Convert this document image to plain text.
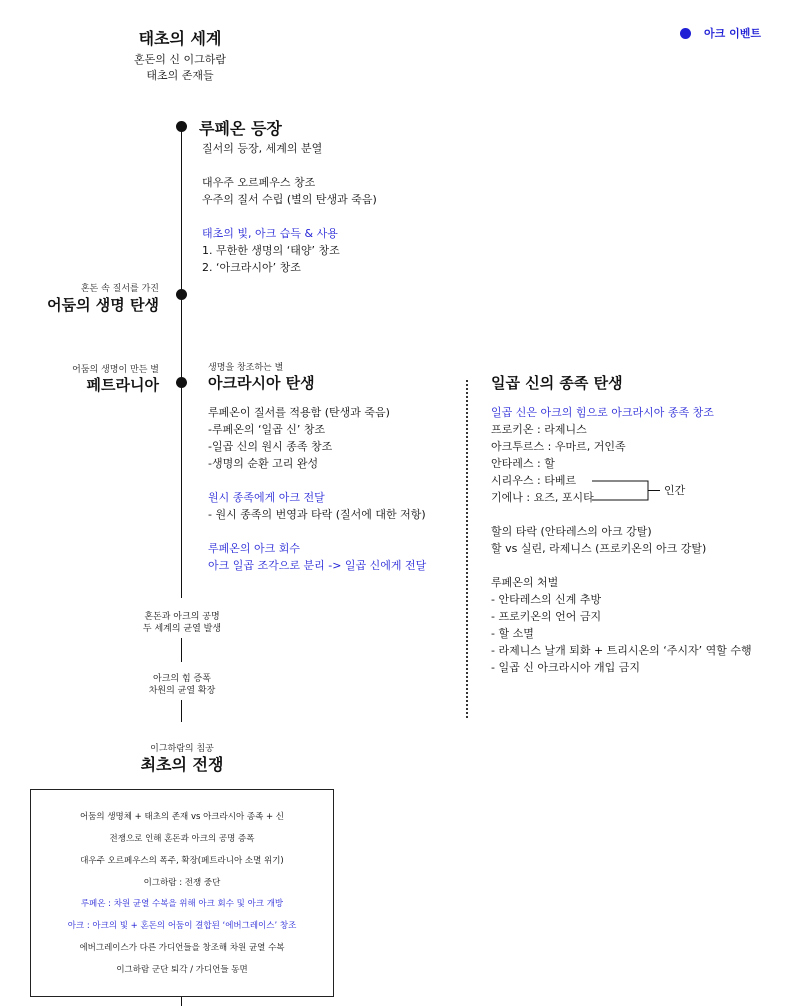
아크 이벤트
태초의 세계
혼돈의 신 이그하람
태초의 존재들
루페온 등장
질서의 등장, 세계의 분열
대우주 오르페우스 창조
우주의 질서 수립 (별의 탄생과 죽음)
태초의 빛, 아크 습득 & 사용
1. 무한한 생명의 ‘태양’ 창조
2. ‘아크라시아’ 창조
혼돈 속 질서를 가진
어둠의 생명 탄생
어둠의 생명이 만든 별
페트라니아
생명을 창조하는 별
아크라시아 탄생
루페온이 질서를 적용함 (탄생과 죽음)
-루페온의 ‘일곱 신’ 창조
-일곱 신의 원시 종족 창조
-생명의 순환 고리 완성
원시 종족에게 아크 전달
- 원시 종족의 번영과 타락 (질서에 대한 저항)
루페온의 아크 회수
아크 일곱 조각으로 분리 -> 일곱 신에게 전달
일곱 신의 종족 탄생
일곱 신은 아크의 힘으로 아크라시아 종족 창조
프로키온 : 라제니스
아크투르스 : 우마르, 거인족
안타레스 : 할
시리우스 : 타베르
기에나 : 요즈, 포시타
할의 타락 (안타레스의 아크 강탈)
할 vs 실린, 라제니스 (프로키온의 아크 강탈)
루페온의 처벌
- 안타레스의 신계 추방
- 프로키온의 언어 금지
- 할 소멸
- 라제니스 날개 퇴화 + 트리시온의 ‘주시자’ 역할 수행
- 일곱 신 아크라시아 개입 금지
인간
혼돈과 아크의 공명
두 세계의 균열 발생
아크의 힘 증폭
차원의 균열 확장
이그하람의 침공
최초의 전쟁
어둠의 생명체 + 태초의 존재 vs 아크라시아 종족 + 신
전쟁으로 인해 혼돈과 아크의 공명 증폭
대우주 오르페우스의 폭주, 확장(페트라니아 소멸 위기)
이그하람 : 전쟁 중단
루페온 : 차원 균열 수복을 위해 아크 회수 및 아크 개방
아크 : 아크의 빛 + 혼돈의 어둠이 결합된 ‘에버그레이스’ 창조
에버그레이스가 다른 가디언들을 창조해 차원 균열 수복
이그하람 군단 퇴각 / 가디언들 동면
